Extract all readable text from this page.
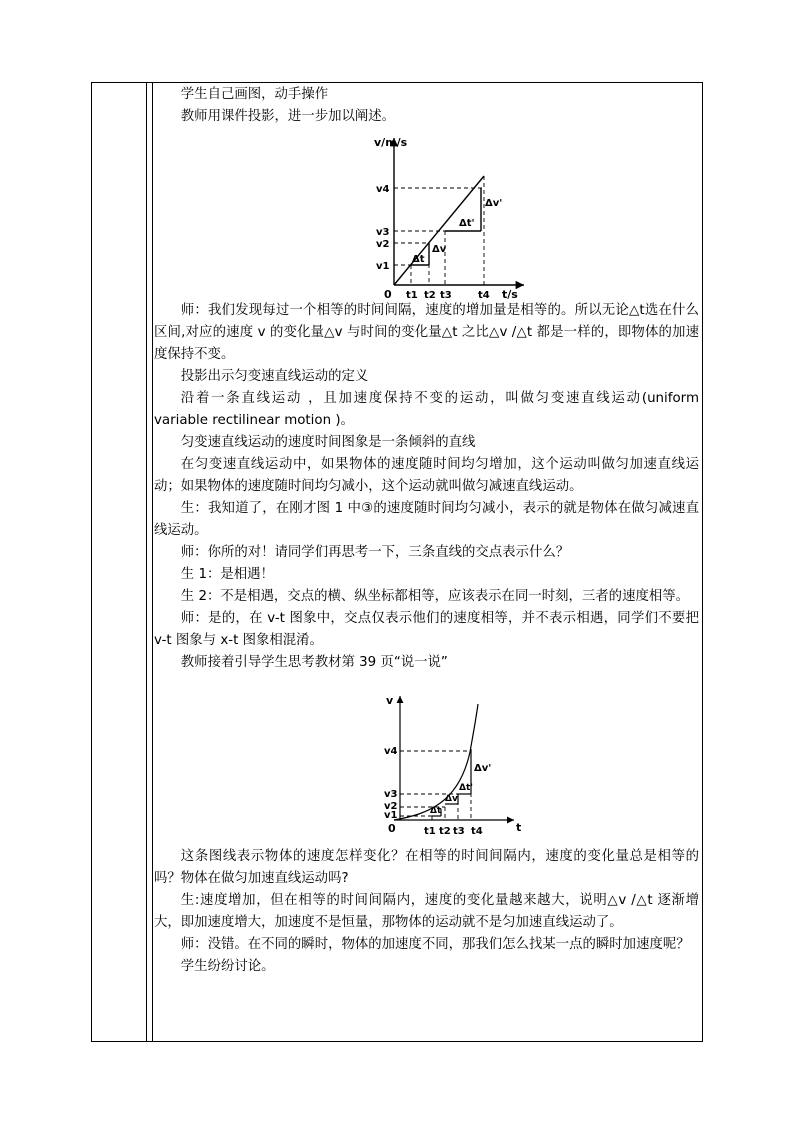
学生自己画图，动手操作

教师用课件投影，进一步加以阐述。

v/m/s
t/s
0
v1
v2
v3
v4
t1 t2 t3	t4
Δt
Δv
Δt'
Δv'

师：我们发现每过一个相等的时间间隔，速度的增加量是相等的。所以无论△t选在什么区间,对应的速度 v 的变化量△v 与时间的变化量△t 之比△v /△t 都是一样的，即物体的加速度保持不变。

投影出示匀变速直线运动的定义

沿着一条直线运动 ，且加速度保持不变的运动，叫做匀变速直线运动(uniform variable rectilinear motion )。

匀变速直线运动的速度时间图象是一条倾斜的直线

在匀变速直线运动中，如果物体的速度随时间均匀增加，这个运动叫做匀加速直线运动；如果物体的速度随时间均匀减小，这个运动就叫做匀减速直线运动。

生：我知道了，在刚才图 1 中③的速度随时间均匀减小，表示的就是物体在做匀减速直线运动。

师：你所的对！请同学们再思考一下，三条直线的交点表示什么？

生 1：是相遇！

生 2：不是相遇，交点的横、纵坐标都相等，应该表示在同一时刻，三者的速度相等。

师：是的，在 v-t 图象中，交点仅表示他们的速度相等，并不表示相遇，同学们不要把 v-t 图象与 x-t 图象相混淆。

教师接着引导学生思考教材第 39 页“说一说”

v
t
0
v1
v2
v3
v4
t1 t2 t3 t4
Δt
Δv
Δt'
Δv'

这条图线表示物体的速度怎样变化？在相等的时间间隔内，速度的变化量总是相等的吗？物体在做匀加速直线运动吗?

生:速度增加，但在相等的时间间隔内，速度的变化量越来越大，说明△v /△t 逐渐增大，即加速度增大，加速度不是恒量，那物体的运动就不是匀加速直线运动了。

师：没错。在不同的瞬时，物体的加速度不同，那我们怎么找某一点的瞬时加速度呢？

学生纷纷讨论。
